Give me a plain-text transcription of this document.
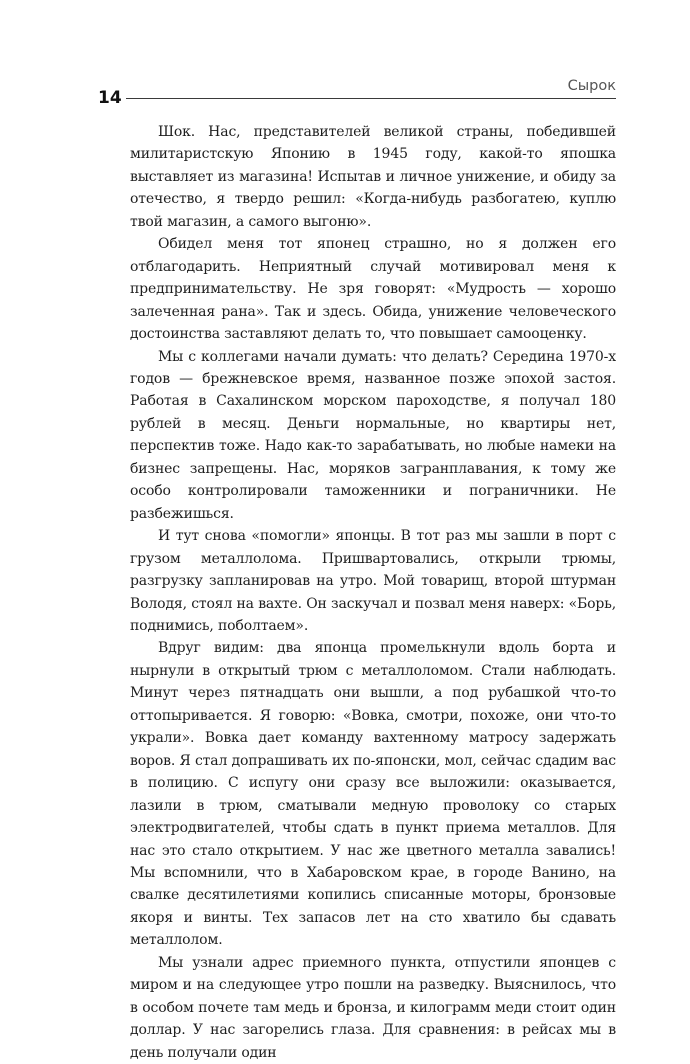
14
Сырок

Шок. Нас, представителей великой страны, победившей милитаристскую Японию в 1945 году, какой-то япошка выставляет из магазина! Испытав и личное унижение, и обиду за отечество, я твердо решил: «Когда-нибудь разбогатею, куплю твой магазин, а самого выгоню».

Обидел меня тот японец страшно, но я должен его отблагодарить. Неприятный случай мотивировал меня к предпринимательству. Не зря говорят: «Мудрость — хорошо залеченная рана». Так и здесь. Обида, унижение человеческого достоинства заставляют делать то, что повышает самооценку.

Мы с коллегами начали думать: что делать? Середина 1970-х годов — брежневское время, названное позже эпохой застоя. Работая в Сахалинском морском пароходстве, я получал 180 рублей в месяц. Деньги нормальные, но квартиры нет, перспектив тоже. Надо как-то зарабатывать, но любые намеки на бизнес запрещены. Нас, моряков загранплавания, к тому же особо контролировали таможенники и пограничники. Не разбежишься.

И тут снова «помогли» японцы. В тот раз мы зашли в порт с грузом металлолома. Пришвартовались, открыли трюмы, разгрузку запланировав на утро. Мой товарищ, второй штурман Володя, стоял на вахте. Он заскучал и позвал меня наверх: «Борь, поднимись, поболтаем».

Вдруг видим: два японца промелькнули вдоль борта и нырнули в открытый трюм с металлоломом. Стали наблюдать. Минут через пятнадцать они вышли, а под рубашкой что-то оттопыривается. Я говорю: «Вовка, смотри, похоже, они что-то украли». Вовка дает команду вахтенному матросу задержать воров. Я стал допрашивать их по-японски, мол, сейчас сдадим вас в полицию. С испугу они сразу все выложили: оказывается, лазили в трюм, сматывали медную проволоку со старых электродвигателей, чтобы сдать в пункт приема металлов. Для нас это стало открытием. У нас же цветного металла завались! Мы вспомнили, что в Хабаровском крае, в городе Ванино, на свалке десятилетиями копились списанные моторы, бронзовые якоря и винты. Тех запасов лет на сто хватило бы сдавать металлолом.

Мы узнали адрес приемного пункта, отпустили японцев с миром и на следующее утро пошли на разведку. Выяснилось, что в особом почете там медь и бронза, и килограмм меди стоит один доллар. У нас загорелись глаза. Для сравнения: в рейсах мы в день получали один
